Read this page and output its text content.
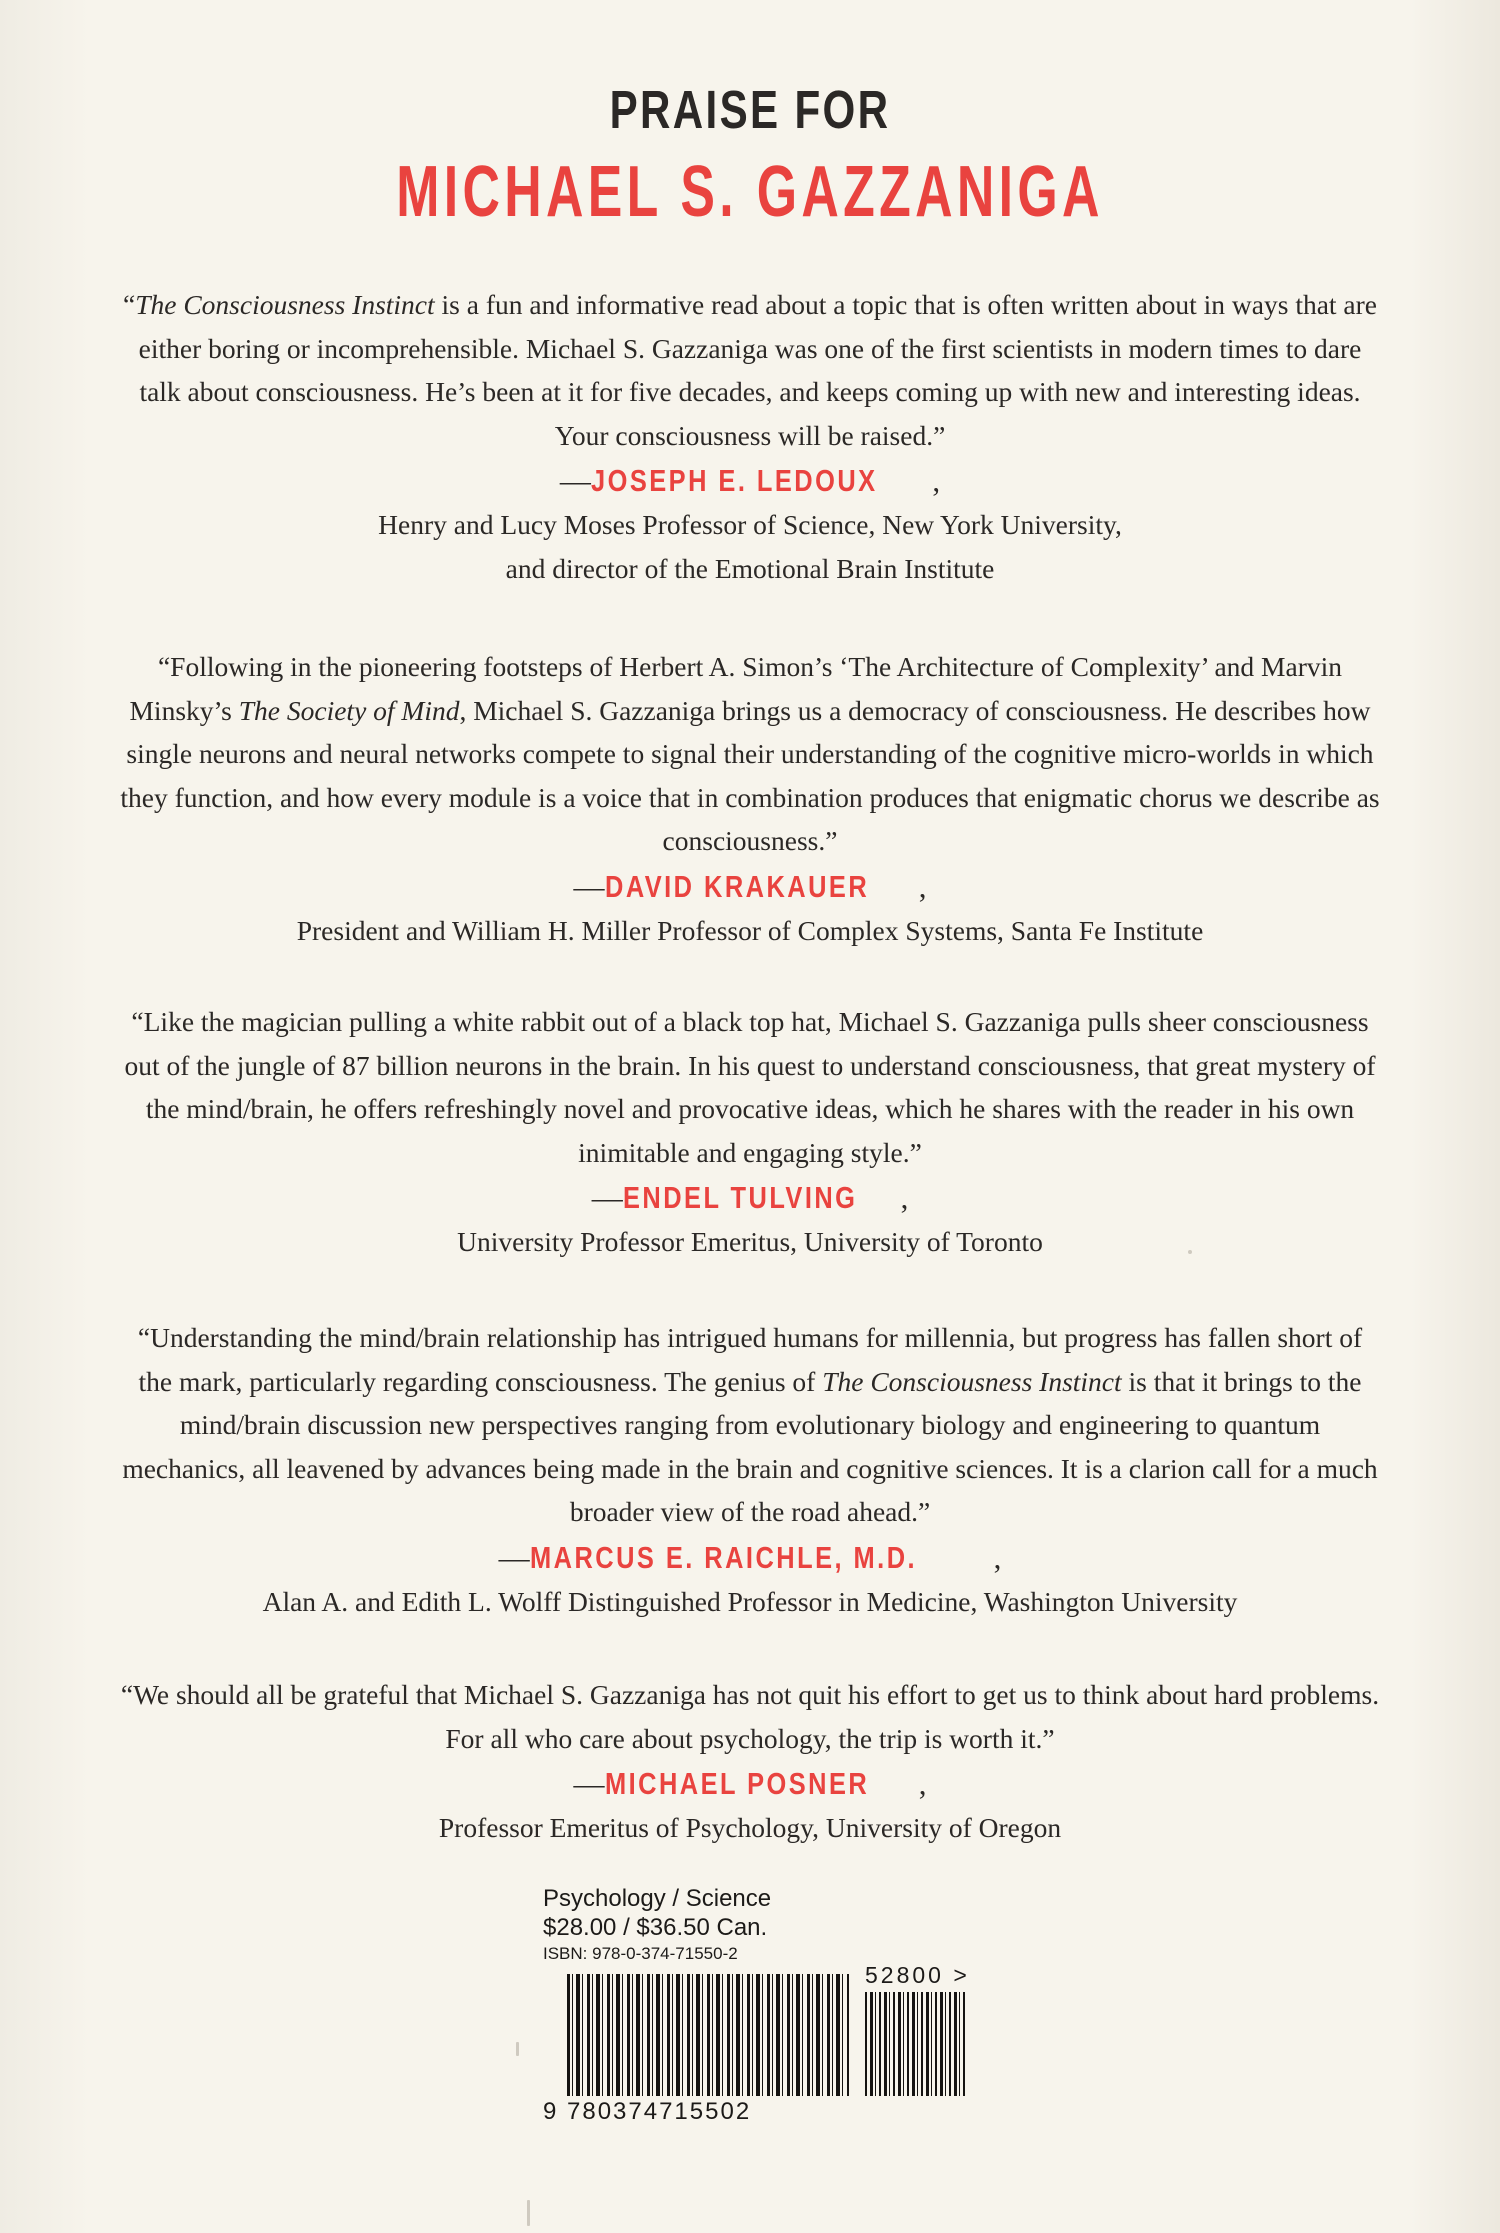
PRAISE FOR
MICHAEL S. GAZZANIGA

“The Consciousness Instinct is a fun and informative read about a topic that is often written about in ways that are either boring or incomprehensible. Michael S. Gazzaniga was one of the first scientists in modern times to dare talk about consciousness. He’s been at it for five decades, and keeps coming up with new and interesting ideas. Your consciousness will be raised.”

—JOSEPH E. LEDOUX ,

Henry and Lucy Moses Professor of Science, New York University,

and director of the Emotional Brain Institute

“Following in the pioneering footsteps of Herbert A. Simon’s ‘The Architecture of Complexity’ and Marvin Minsky’s The Society of Mind, Michael S. Gazzaniga brings us a democracy of consciousness. He describes how single neurons and neural networks compete to signal their understanding of the cognitive micro-worlds in which they function, and how every module is a voice that in combination produces that enigmatic chorus we describe as consciousness.”

—DAVID KRAKAUER ,

President and William H. Miller Professor of Complex Systems, Santa Fe Institute

“Like the magician pulling a white rabbit out of a black top hat, Michael S. Gazzaniga pulls sheer consciousness out of the jungle of 87 billion neurons in the brain. In his quest to understand consciousness, that great mystery of the mind/brain, he offers refreshingly novel and provocative ideas, which he shares with the reader in his own inimitable and engaging style.”

—ENDEL TULVING ,

University Professor Emeritus, University of Toronto

“Understanding the mind/brain relationship has intrigued humans for millennia, but progress has fallen short of the mark, particularly regarding consciousness. The genius of The Consciousness Instinct is that it brings to the mind/brain discussion new perspectives ranging from evolutionary biology and engineering to quantum mechanics, all leavened by advances being made in the brain and cognitive sciences. It is a clarion call for a much broader view of the road ahead.”

—MARCUS E. RAICHLE, M.D. ,

Alan A. and Edith L. Wolff Distinguished Professor in Medicine, Washington University

“We should all be grateful that Michael S. Gazzaniga has not quit his effort to get us to think about hard problems. For all who care about psychology, the trip is worth it.”

—MICHAEL POSNER ,

Professor Emeritus of Psychology, University of Oregon

Psychology / Science
$28.00 / $36.50 Can.
ISBN: 978-0-374-71550-2
52800 >
9 780374715502
